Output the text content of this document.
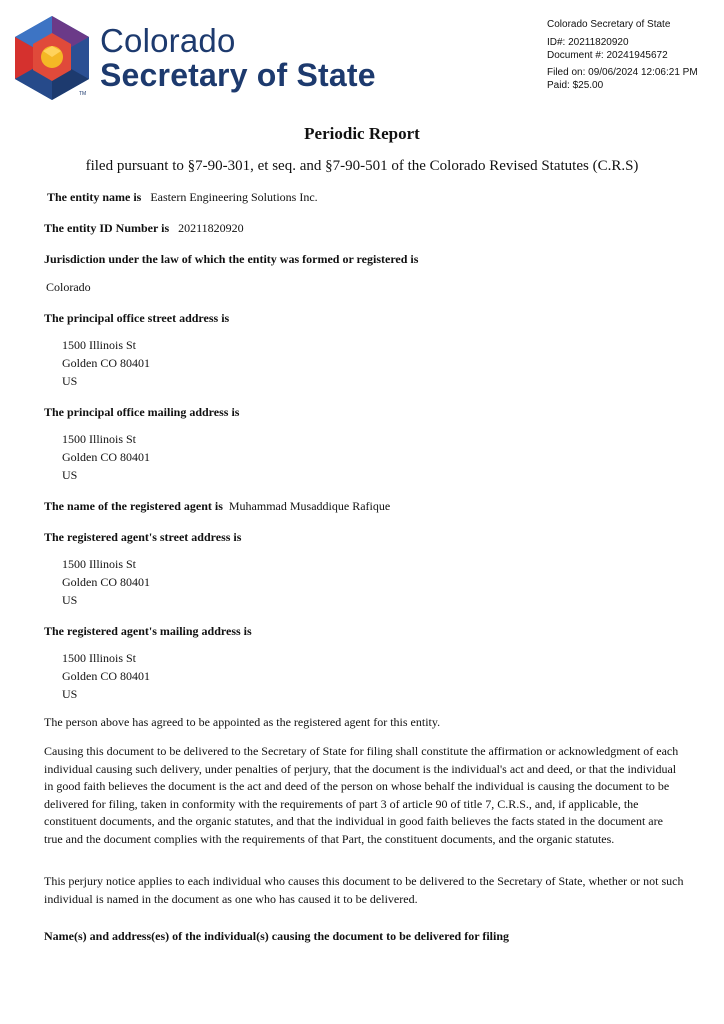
TM
Colorado
Secretary of State
Colorado Secretary of State
ID#: 20211820920
Document #: 20241945672
Filed on: 09/06/2024 12:06:21 PM
Paid: $25.00
Periodic Report
filed pursuant to §7-90-301, et seq. and §7-90-501 of the Colorado Revised Statutes (C.R.S)
The entity name is Eastern Engineering Solutions Inc.
The entity ID Number is 20211820920
Jurisdiction under the law of which the entity was formed or registered is
Colorado
The principal office street address is
1500 Illinois St
Golden CO 80401
US
The principal office mailing address is
1500 Illinois St
Golden CO 80401
US
The name of the registered agent is Muhammad Musaddique Rafique
The registered agent's street address is
1500 Illinois St
Golden CO 80401
US
The registered agent's mailing address is
1500 Illinois St
Golden CO 80401
US
The person above has agreed to be appointed as the registered agent for this entity.
Causing this document to be delivered to the Secretary of State for filing shall constitute the affirmation or acknowledgment of each individual causing such delivery, under penalties of perjury, that the document is the individual's act and deed, or that the individual in good faith believes the document is the act and deed of the person on whose behalf the individual is causing the document to be delivered for filing, taken in conformity with the requirements of part 3 of article 90 of title 7, C.R.S., and, if applicable, the constituent documents, and the organic statutes, and that the individual in good faith believes the facts stated in the document are true and the document complies with the requirements of that Part, the constituent documents, and the organic statutes.
This perjury notice applies to each individual who causes this document to be delivered to the Secretary of State, whether or not such individual is named in the document as one who has caused it to be delivered.
Name(s) and address(es) of the individual(s) causing the document to be delivered for filing
